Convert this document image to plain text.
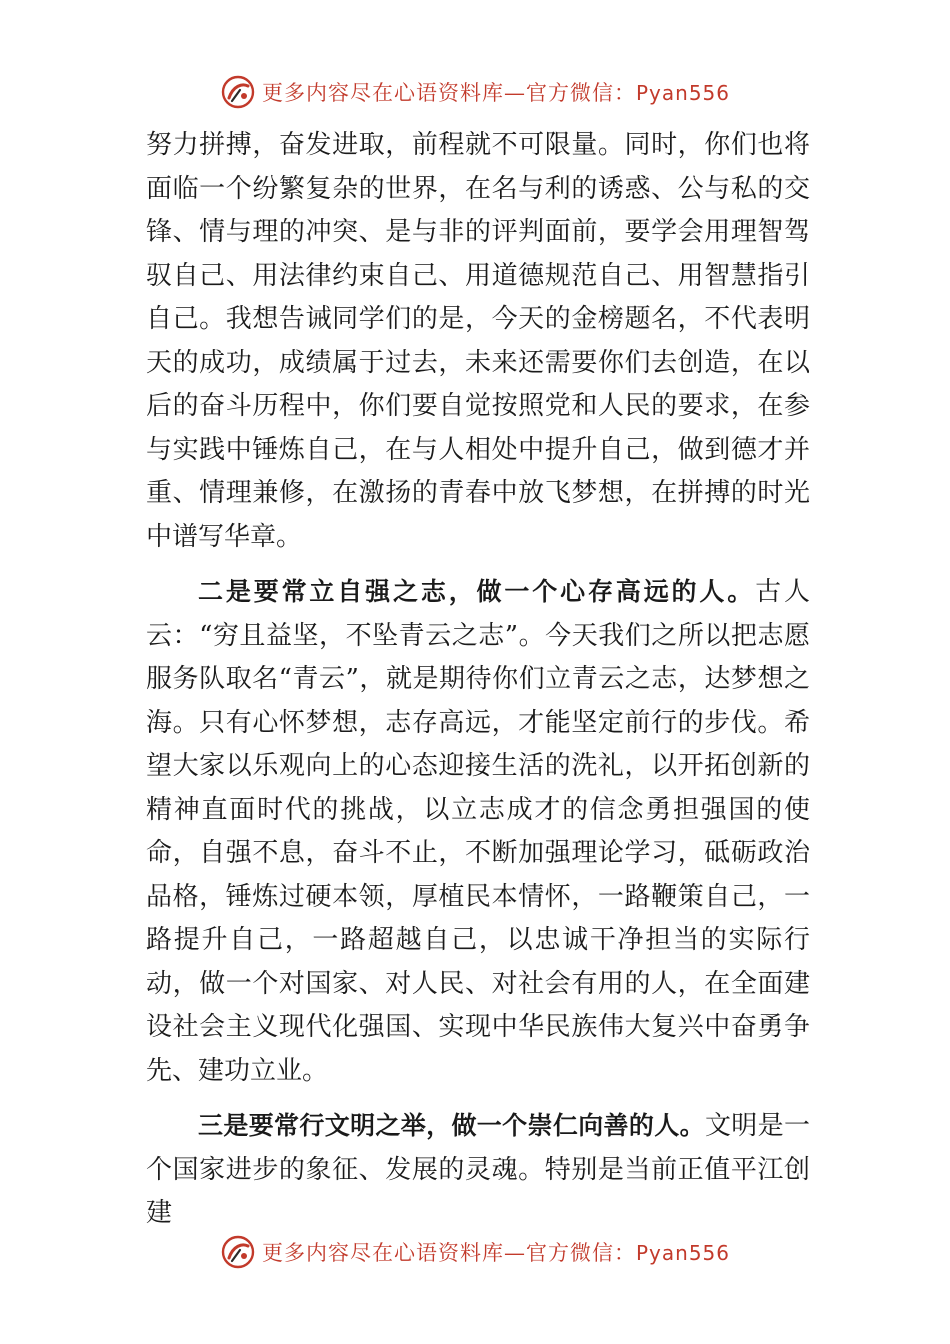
更多内容尽在心语资料库—官方微信：Pyan556

努力拼搏，奋发进取，前程就不可限量。同时，你们也将面临一个纷繁复杂的世界，在名与利的诱惑、公与私的交锋、情与理的冲突、是与非的评判面前，要学会用理智驾驭自己、用法律约束自己、用道德规范自己、用智慧指引自己。我想告诫同学们的是，今天的金榜题名，不代表明天的成功，成绩属于过去，未来还需要你们去创造，在以后的奋斗历程中，你们要自觉按照党和人民的要求，在参与实践中锤炼自己，在与人相处中提升自己，做到德才并重、情理兼修，在激扬的青春中放飞梦想，在拼搏的时光中谱写华章。

二是要常立自强之志，做一个心存高远的人。古人云：“穷且益坚，不坠青云之志”。今天我们之所以把志愿服务队取名“青云”，就是期待你们立青云之志，达梦想之海。只有心怀梦想，志存高远，才能坚定前行的步伐。希望大家以乐观向上的心态迎接生活的洗礼，以开拓创新的精神直面时代的挑战，以立志成才的信念勇担强国的使命，自强不息，奋斗不止，不断加强理论学习，砥砺政治品格，锤炼过硬本领，厚植民本情怀，一路鞭策自己，一路提升自己，一路超越自己，以忠诚干净担当的实际行动，做一个对国家、对人民、对社会有用的人，在全面建设社会主义现代化强国、实现中华民族伟大复兴中奋勇争先、建功立业。

三是要常行文明之举，做一个崇仁向善的人。文明是一个国家进步的象征、发展的灵魂。特别是当前正值平江创建

更多内容尽在心语资料库—官方微信：Pyan556
